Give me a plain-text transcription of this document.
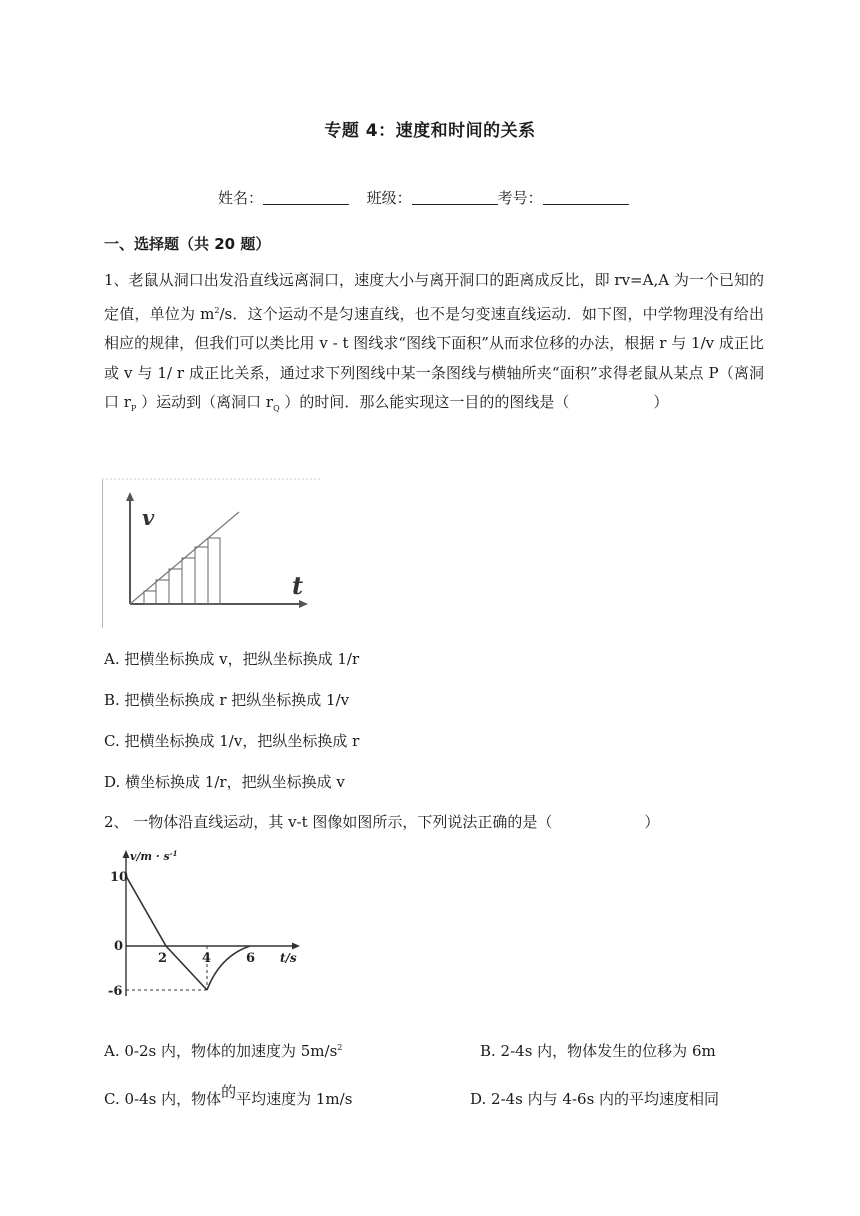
专题 4：速度和时间的关系
姓名：	班级：	考号：
一、选择题（共 20 题）
1、老鼠从洞口出发沿直线远离洞口，速度大小与离开洞口的距离成反比，即 rv=A,A 为一个已知的定值，单位为 $m^2/s$．这个运动不是匀速直线，也不是匀变速直线运动．如下图，中学物理没有给出相应的规律，但我们可以类比用 v - t 图线求“图线下面积”从而求位移的办法，根据 r 与 1/v 成正比或 v 与 1/ r 成正比关系，通过求下列图线中某一条图线与横轴所夹“面积”求得老鼠从某点 P（离洞口 $r_P$ ）运动到（离洞口 $r_Q$ ）的时间．那么能实现这一目的的图线是（	）
v
t
A. 把横坐标换成 v，把纵坐标换成 1/r
B. 把横坐标换成 r 把纵坐标换成 1/v
C. 把横坐标换成 1/v，把纵坐标换成 r
D. 横坐标换成 1/r，把纵坐标换成 v
2、 一物体沿直线运动，其 v-t 图像如图所示，下列说法正确的是（	）
$v/m \cdot s^{-1}$
10
0
-6
2	4	6 t/s
A. 0-2s 内，物体的加速度为 $5m/s^2$	B. 2-4s 内，物体发生的位移为 6m
C. 0-4s 内，物体的平均速度为 1m/s	D. 2-4s 内与 4-6s 内的平均速度相同
